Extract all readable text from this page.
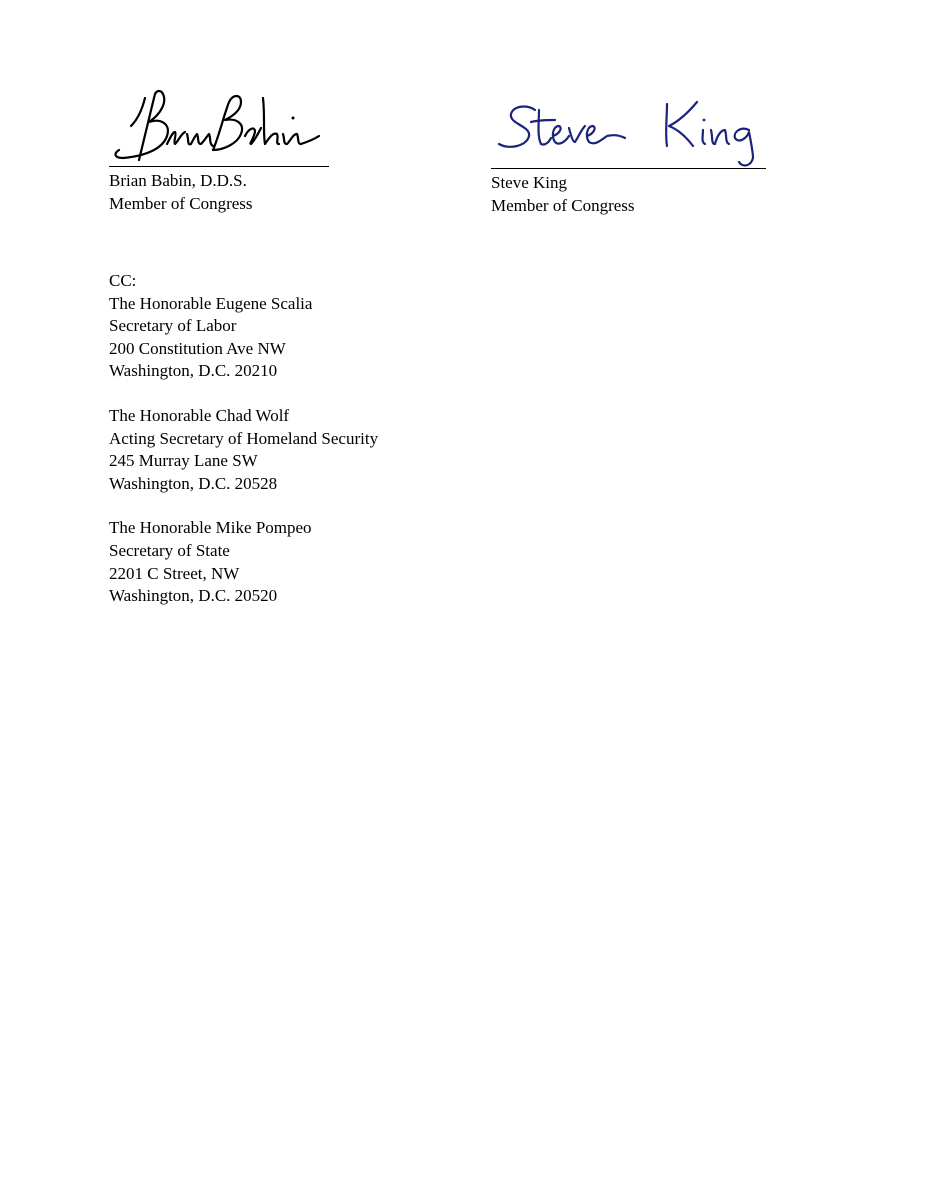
Brian Babin, D.D.S.
Member of Congress
Steve King
Member of Congress
CC:
The Honorable Eugene Scalia
Secretary of Labor
200 Constitution Ave NW
Washington, D.C. 20210
The Honorable Chad Wolf
Acting Secretary of Homeland Security
245 Murray Lane SW
Washington, D.C. 20528
The Honorable Mike Pompeo
Secretary of State
2201 C Street, NW
Washington, D.C. 20520
